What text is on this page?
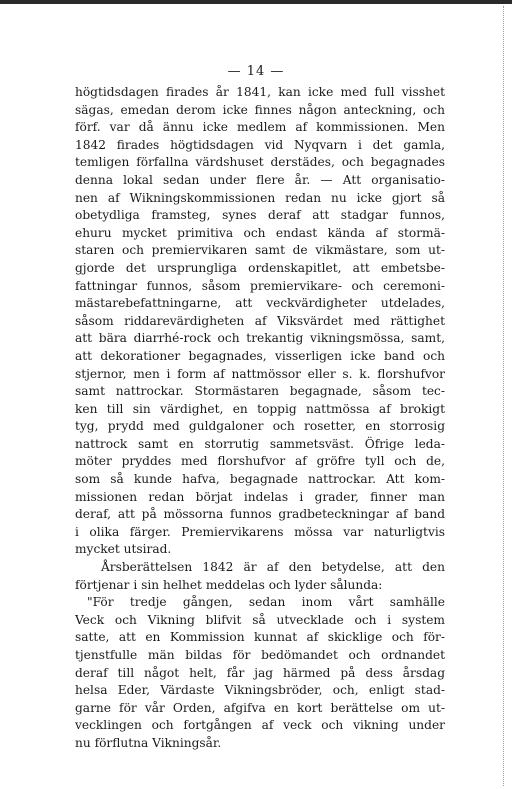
— 14 —
högtidsdagen firades år 1841, kan icke med full visshet
sägas, emedan derom icke finnes någon anteckning, och
förf. var då ännu icke medlem af kommissionen. Men
1842 firades högtidsdagen vid Nyqvarn i det gamla,
temligen förfallna värdshuset derstädes, och begagnades
denna lokal sedan under flere år. — Att organisatio-
nen af Wikningskommissionen redan nu icke gjort så
obetydliga framsteg, synes deraf att stadgar funnos,
ehuru mycket primitiva och endast kända af stormä-
staren och premiervikaren samt de vikmästare, som ut-
gjorde det ursprungliga ordenskapitlet, att embetsbe-
fattningar funnos, såsom premiervikare- och ceremoni-
mästarebefattningarne, att veckvärdigheter utdelades,
såsom riddarevärdigheten af Viksvärdet med rättighet
att bära diarrhé-rock och trekantig vikningsmössa, samt,
att dekorationer begagnades, visserligen icke band och
stjernor, men i form af nattmössor eller s. k. florshufvor
samt nattrockar. Stormästaren begagnade, såsom tec-
ken till sin värdighet, en toppig nattmössa af brokigt
tyg, prydd med guldgaloner och rosetter, en storrosig
nattrock samt en storrutig sammetsväst. Öfrige leda-
möter pryddes med florshufvor af gröfre tyll och de,
som så kunde hafva, begagnade nattrockar. Att kom-
missionen redan börjat indelas i grader, finner man
deraf, att på mössorna funnos gradbeteckningar af band
i olika färger. Premiervikarens mössa var naturligtvis
mycket utsirad.
Årsberättelsen 1842 är af den betydelse, att den
förtjenar i sin helhet meddelas och lyder sålunda:
"För tredje gången, sedan inom vårt samhälle
Veck och Vikning blifvit så utvecklade och i system
satte, att en Kommission kunnat af skicklige och för-
tjenstfulle män bildas för bedömandet och ordnandet
deraf till något helt, får jag härmed på dess årsdag
helsa Eder, Värdaste Vikningsbröder, och, enligt stad-
garne för vår Orden, afgifva en kort berättelse om ut-
vecklingen och fortgången af veck och vikning under
nu förflutna Vikningsår.
